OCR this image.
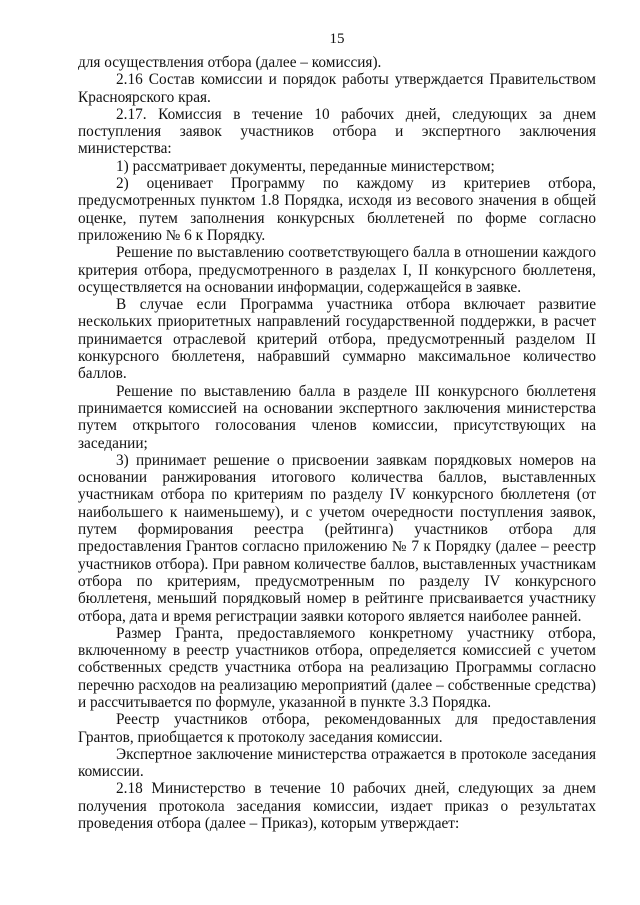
15

для осуществления отбора (далее – комиссия).

2.16 Состав комиссии и порядок работы утверждается Правительством Красноярского края.

2.17. Комиссия в течение 10 рабочих дней, следующих за днем поступления заявок участников отбора и экспертного заключения министерства:

1) рассматривает документы, переданные министерством;

2) оценивает Программу по каждому из критериев отбора, предусмотренных пунктом 1.8 Порядка, исходя из весового значения в общей оценке, путем заполнения конкурсных бюллетеней по форме согласно приложению № 6 к Порядку.

Решение по выставлению соответствующего балла в отношении каждого критерия отбора, предусмотренного в разделах I, II конкурсного бюллетеня, осуществляется на основании информации, содержащейся в заявке.

В случае если Программа участника отбора включает развитие нескольких приоритетных направлений государственной поддержки, в расчет принимается отраслевой критерий отбора, предусмотренный разделом II конкурсного бюллетеня, набравший суммарно максимальное количество баллов.

Решение по выставлению балла в разделе III конкурсного бюллетеня принимается комиссией на основании экспертного заключения министерства путем открытого голосования членов комиссии, присутствующих на заседании;

3) принимает решение о присвоении заявкам порядковых номеров на основании ранжирования итогового количества баллов, выставленных участникам отбора по критериям по разделу IV конкурсного бюллетеня (от наибольшего к наименьшему), и с учетом очередности поступления заявок, путем формирования реестра (рейтинга) участников отбора для предоставления Грантов согласно приложению № 7 к Порядку (далее – реестр участников отбора). При равном количестве баллов, выставленных участникам отбора по критериям, предусмотренным по разделу IV конкурсного бюллетеня, меньший порядковый номер в рейтинге присваивается участнику отбора, дата и время регистрации заявки которого является наиболее ранней.

Размер Гранта, предоставляемого конкретному участнику отбора, включенному в реестр участников отбора, определяется комиссией с учетом собственных средств участника отбора на реализацию Программы согласно перечню расходов на реализацию мероприятий (далее – собственные средства) и рассчитывается по формуле, указанной в пункте 3.3 Порядка.

Реестр участников отбора, рекомендованных для предоставления Грантов, приобщается к протоколу заседания комиссии.

Экспертное заключение министерства отражается в протоколе заседания комиссии.

2.18 Министерство в течение 10 рабочих дней, следующих за днем получения протокола заседания комиссии, издает приказ о результатах проведения отбора (далее – Приказ), которым утверждает:
